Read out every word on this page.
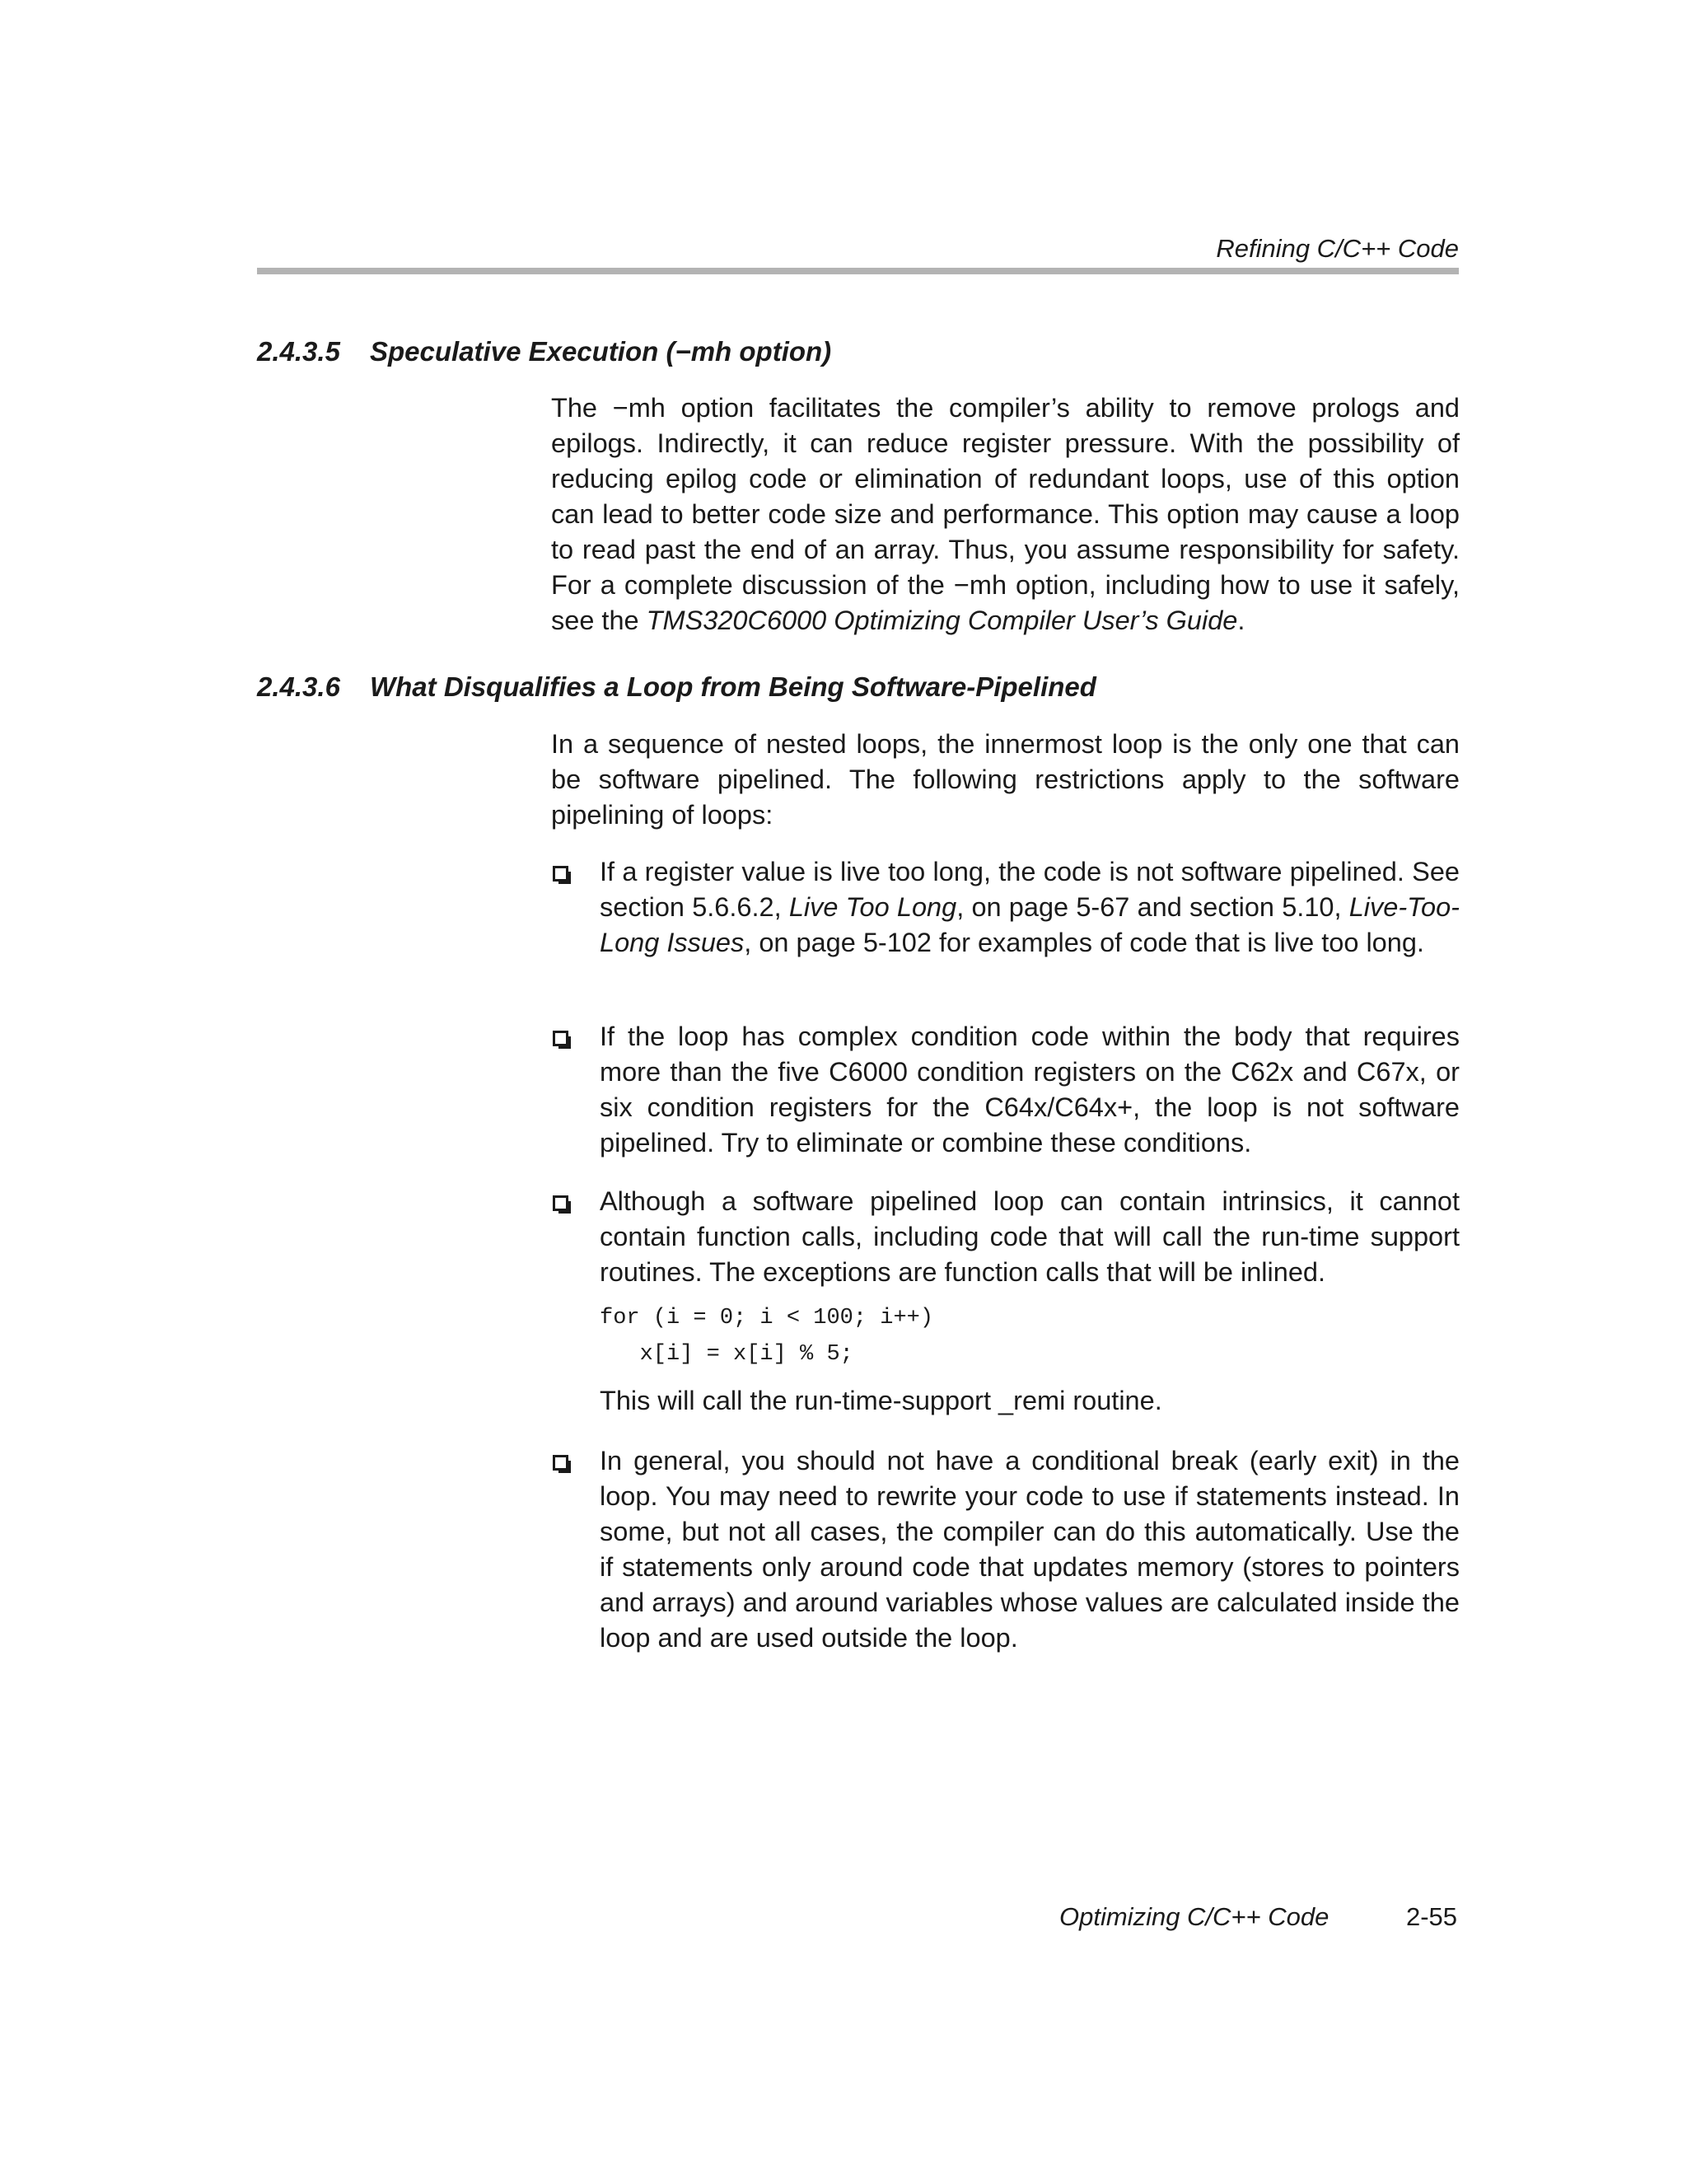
Refining C/C++ Code
2.4.3.5 Speculative Execution (−mh option)

The −mh option facilitates the compiler’s ability to remove prologs and epilogs. Indirectly, it can reduce register pressure. With the possibility of reducing epilog code or elimination of redundant loops, use of this option can lead to better code size and performance. This option may cause a loop to read past the end of an array. Thus, you assume responsibility for safety. For a complete discussion of the −mh option, including how to use it safely, see the TMS320C6000 Optimizing Compiler User’s Guide.

2.4.3.6 What Disqualifies a Loop from Being Software-Pipelined

In a sequence of nested loops, the innermost loop is the only one that can be software pipelined. The following restrictions apply to the software pipelining of loops:

If a register value is live too long, the code is not software pipelined. See section 5.6.6.2, Live Too Long, on page 5-67 and section 5.10, Live-Too-Long Issues, on page 5-102 for examples of code that is live too long.

If the loop has complex condition code within the body that requires more than the five C6000 condition registers on the C62x and C67x, or six condition registers for the C64x/C64x+, the loop is not software pipelined. Try to eliminate or combine these conditions.

Although a software pipelined loop can contain intrinsics, it cannot contain function calls, including code that will call the run-time support routines. The exceptions are function calls that will be inlined.

for (i = 0; i < 100; i++)
x[i] = x[i] % 5;
This will call the run-time-support _remi routine.

In general, you should not have a conditional break (early exit) in the loop. You may need to rewrite your code to use if statements instead. In some, but not all cases, the compiler can do this automatically. Use the if statements only around code that updates memory (stores to pointers and arrays) and around variables whose values are calculated inside the loop and are used outside the loop.

Optimizing C/C++ Code	2-55
